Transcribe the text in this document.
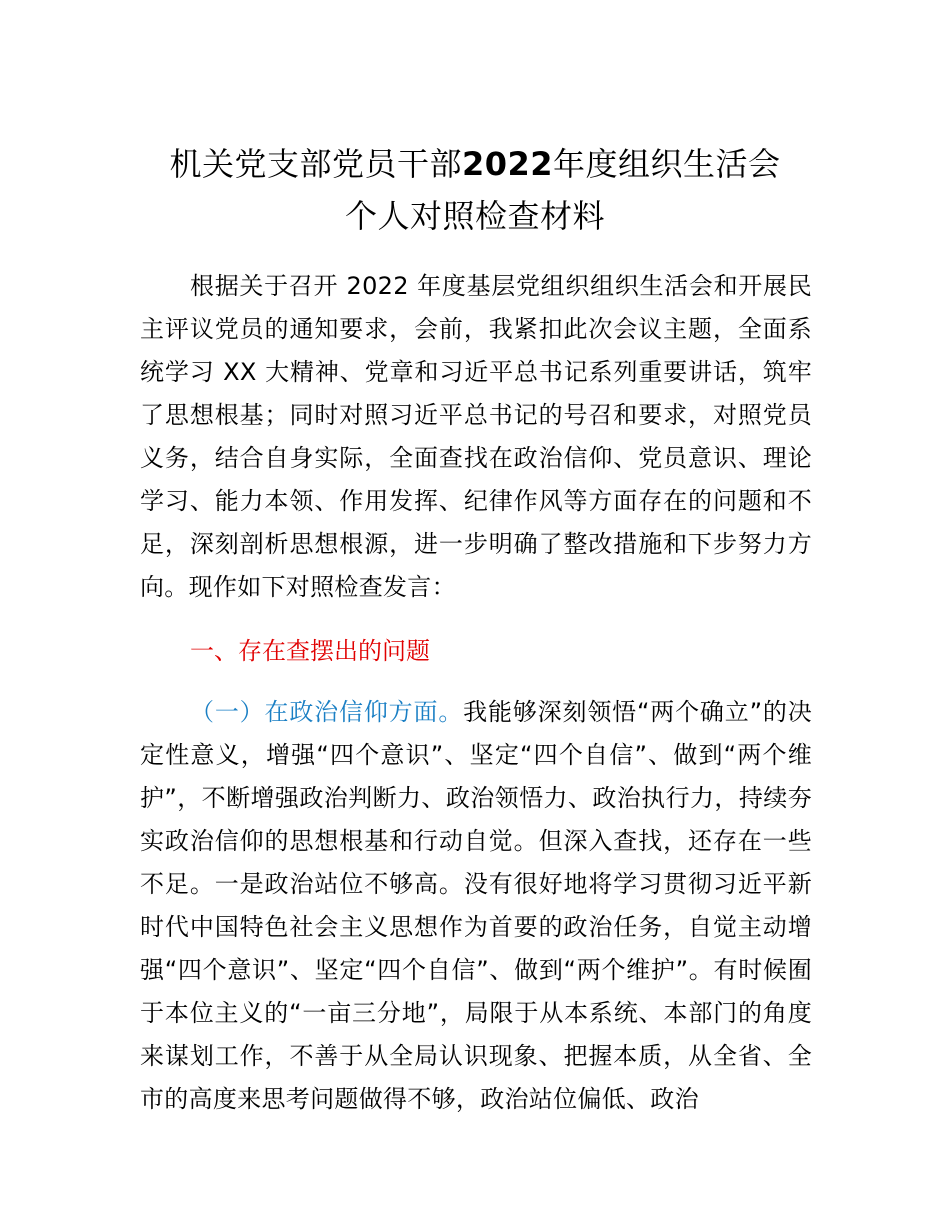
机关党支部党员干部2022年度组织生活会
个人对照检查材料
根据关于召开 2022 年度基层党组织组织生活会和开展民主评议党员的通知要求，会前，我紧扣此次会议主题，全面系统学习 XX 大精神、党章和习近平总书记系列重要讲话，筑牢了思想根基；同时对照习近平总书记的号召和要求，对照党员义务，结合自身实际，全面查找在政治信仰、党员意识、理论学习、能力本领、作用发挥、纪律作风等方面存在的问题和不足，深刻剖析思想根源，进一步明确了整改措施和下步努力方向。现作如下对照检查发言：
一、存在查摆出的问题
（一）在政治信仰方面。我能够深刻领悟“两个确立”的决定性意义，增强“四个意识”、坚定“四个自信”、做到“两个维护”，不断增强政治判断力、政治领悟力、政治执行力，持续夯实政治信仰的思想根基和行动自觉。但深入查找，还存在一些不足。一是政治站位不够高。没有很好地将学习贯彻习近平新时代中国特色社会主义思想作为首要的政治任务，自觉主动增强“四个意识”、坚定“四个自信”、做到“两个维护”。有时候囿于本位主义的“一亩三分地”，局限于从本系统、本部门的角度来谋划工作，不善于从全局认识现象、把握本质，从全省、全市的高度来思考问题做得不够，政治站位偏低、政治
